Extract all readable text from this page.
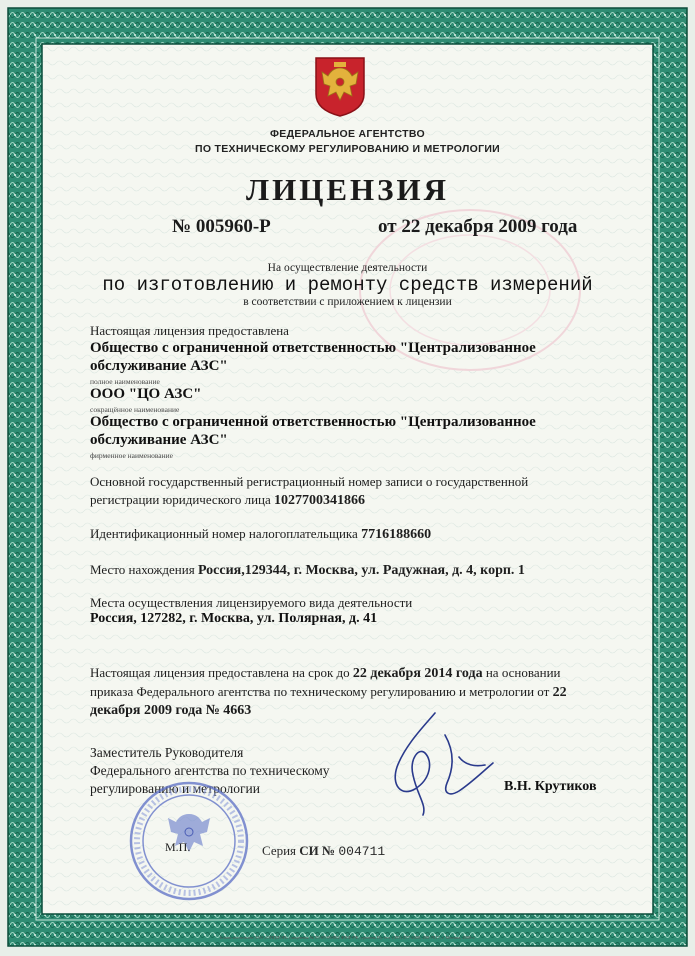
ФЕДЕРАЛЬНОЕ АГЕНТСТВО

ПО ТЕХНИЧЕСКОМУ РЕГУЛИРОВАНИЮ И МЕТРОЛОГИИ

ЛИЦЕНЗИЯ

№ 005960-Р	от 22 декабря 2009 года

На осуществление деятельности

по изготовлению и ремонту средств измерений

в соответствии с приложением к лицензии

Настоящая лицензия предоставлена

Общество с ограниченной ответственностью "Централизованное

обслуживание АЗС"

полное наименование

ООО "ЦО АЗС"

сокращённое наименование

Общество с ограниченной ответственностью "Централизованное

обслуживание АЗС"

фирменное наименование

Основной государственный регистрационный номер записи о государственной

регистрации юридического лица 1027700341866

Идентификационный номер налогоплательщика 7716188660

Место нахождения Россия,129344, г. Москва, ул. Радужная, д. 4, корп. 1

Места осуществления лицензируемого вида деятельности

Россия, 127282, г. Москва, ул. Полярная, д. 41

Настоящая лицензия предоставлена на срок до 22 декабря 2014 года на основании

приказа Федерального агентства по техническому регулированию и метрологии от 22

декабря 2009 года № 4663

Заместитель Руководителя

Федерального агентства по техническому

регулированию и метрологии	В.Н. Крутиков

М.П.	Серия СИ № 004711

Бланк изготовлен ЗАО «ОПЦИОН» (лицензия № 05-05-09/002 ФНФ РФ, уровень В), тел. (495) 257-2400, 208-7617, г. Москва, 2008 г.
